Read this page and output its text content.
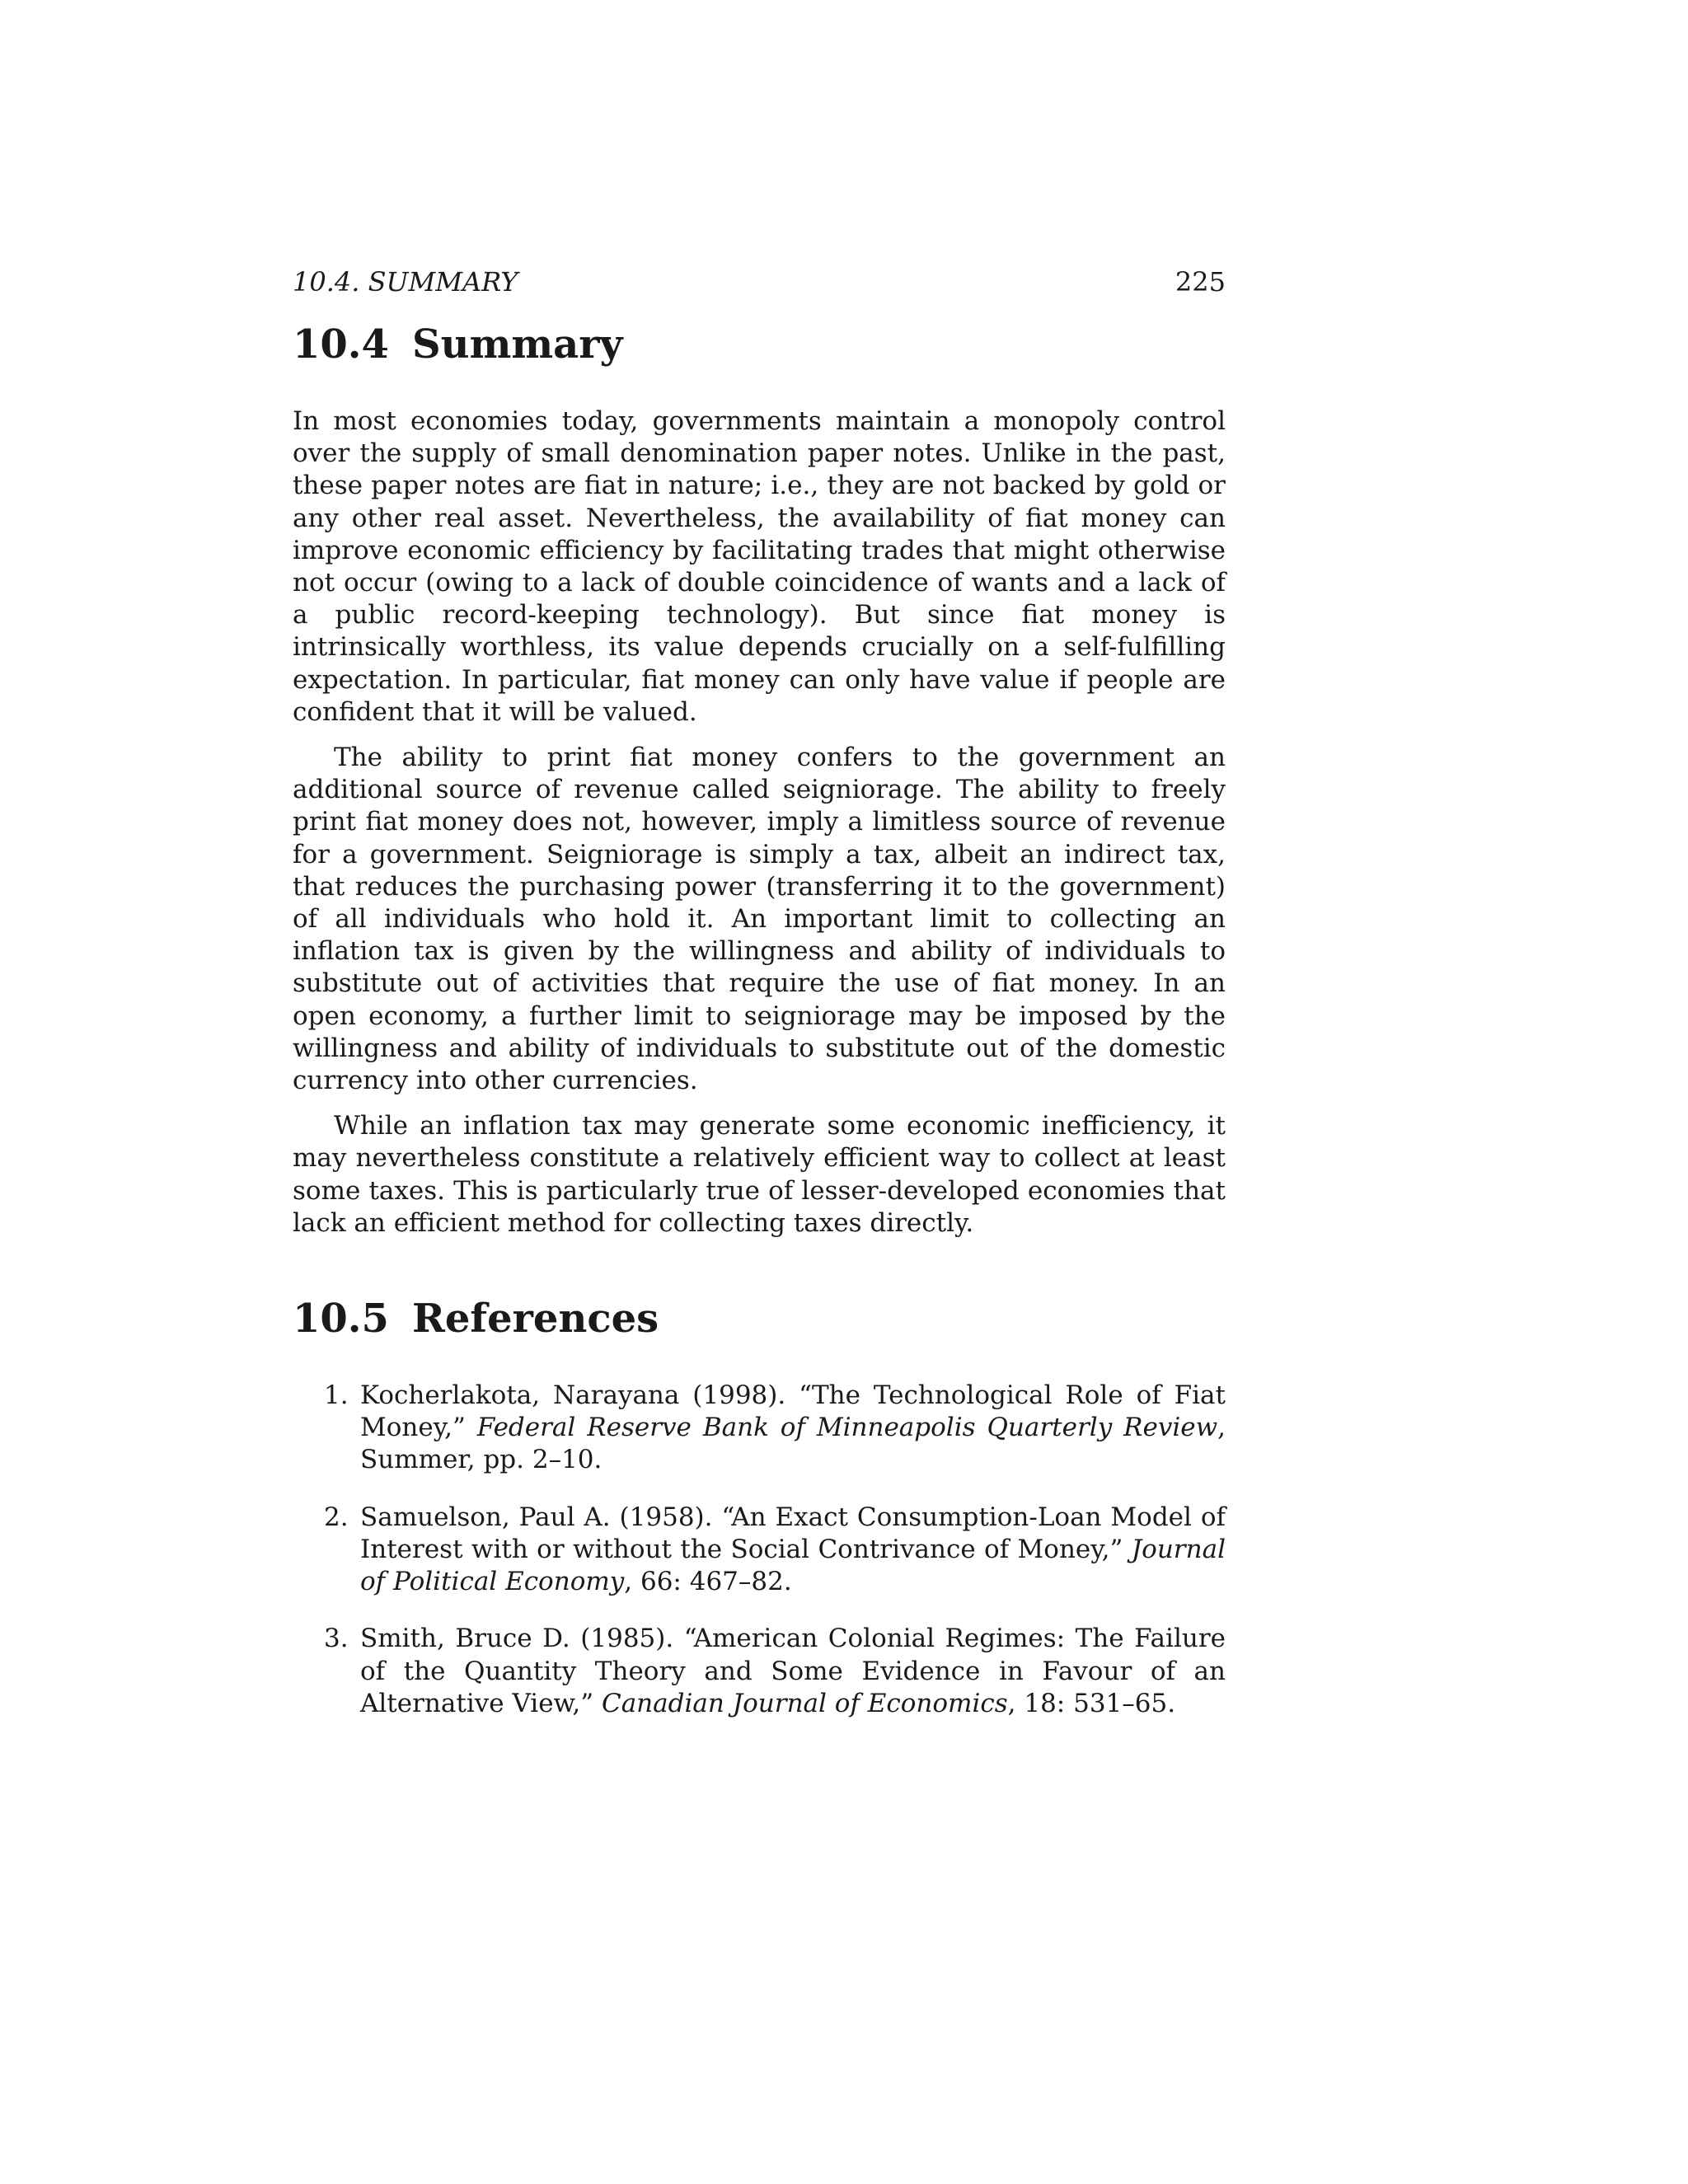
10.4. SUMMARY	225
10.4 Summary

In most economies today, governments maintain a monopoly control over the supply of small denomination paper notes. Unlike in the past, these paper notes are fiat in nature; i.e., they are not backed by gold or any other real asset. Nevertheless, the availability of fiat money can improve economic efficiency by facilitating trades that might otherwise not occur (owing to a lack of double coincidence of wants and a lack of a public record-keeping technology). But since fiat money is intrinsically worthless, its value depends crucially on a self-fulfilling expectation. In particular, fiat money can only have value if people are confident that it will be valued.

The ability to print fiat money confers to the government an additional source of revenue called seigniorage. The ability to freely print fiat money does not, however, imply a limitless source of revenue for a government. Seigniorage is simply a tax, albeit an indirect tax, that reduces the purchasing power (transferring it to the government) of all individuals who hold it. An important limit to collecting an inflation tax is given by the willingness and ability of individuals to substitute out of activities that require the use of fiat money. In an open economy, a further limit to seigniorage may be imposed by the willingness and ability of individuals to substitute out of the domestic currency into other currencies.

While an inflation tax may generate some economic inefficiency, it may nevertheless constitute a relatively efficient way to collect at least some taxes. This is particularly true of lesser-developed economies that lack an efficient method for collecting taxes directly.

10.5 References
1. Kocherlakota, Narayana (1998). “The Technological Role of Fiat Money,” Federal Reserve Bank of Minneapolis Quarterly Review, Summer, pp. 2–10.
2. Samuelson, Paul A. (1958). “An Exact Consumption-Loan Model of Interest with or without the Social Contrivance of Money,” Journal of Political Economy, 66: 467–82.
3. Smith, Bruce D. (1985). “American Colonial Regimes: The Failure of the Quantity Theory and Some Evidence in Favour of an Alternative View,” Canadian Journal of Economics, 18: 531–65.
